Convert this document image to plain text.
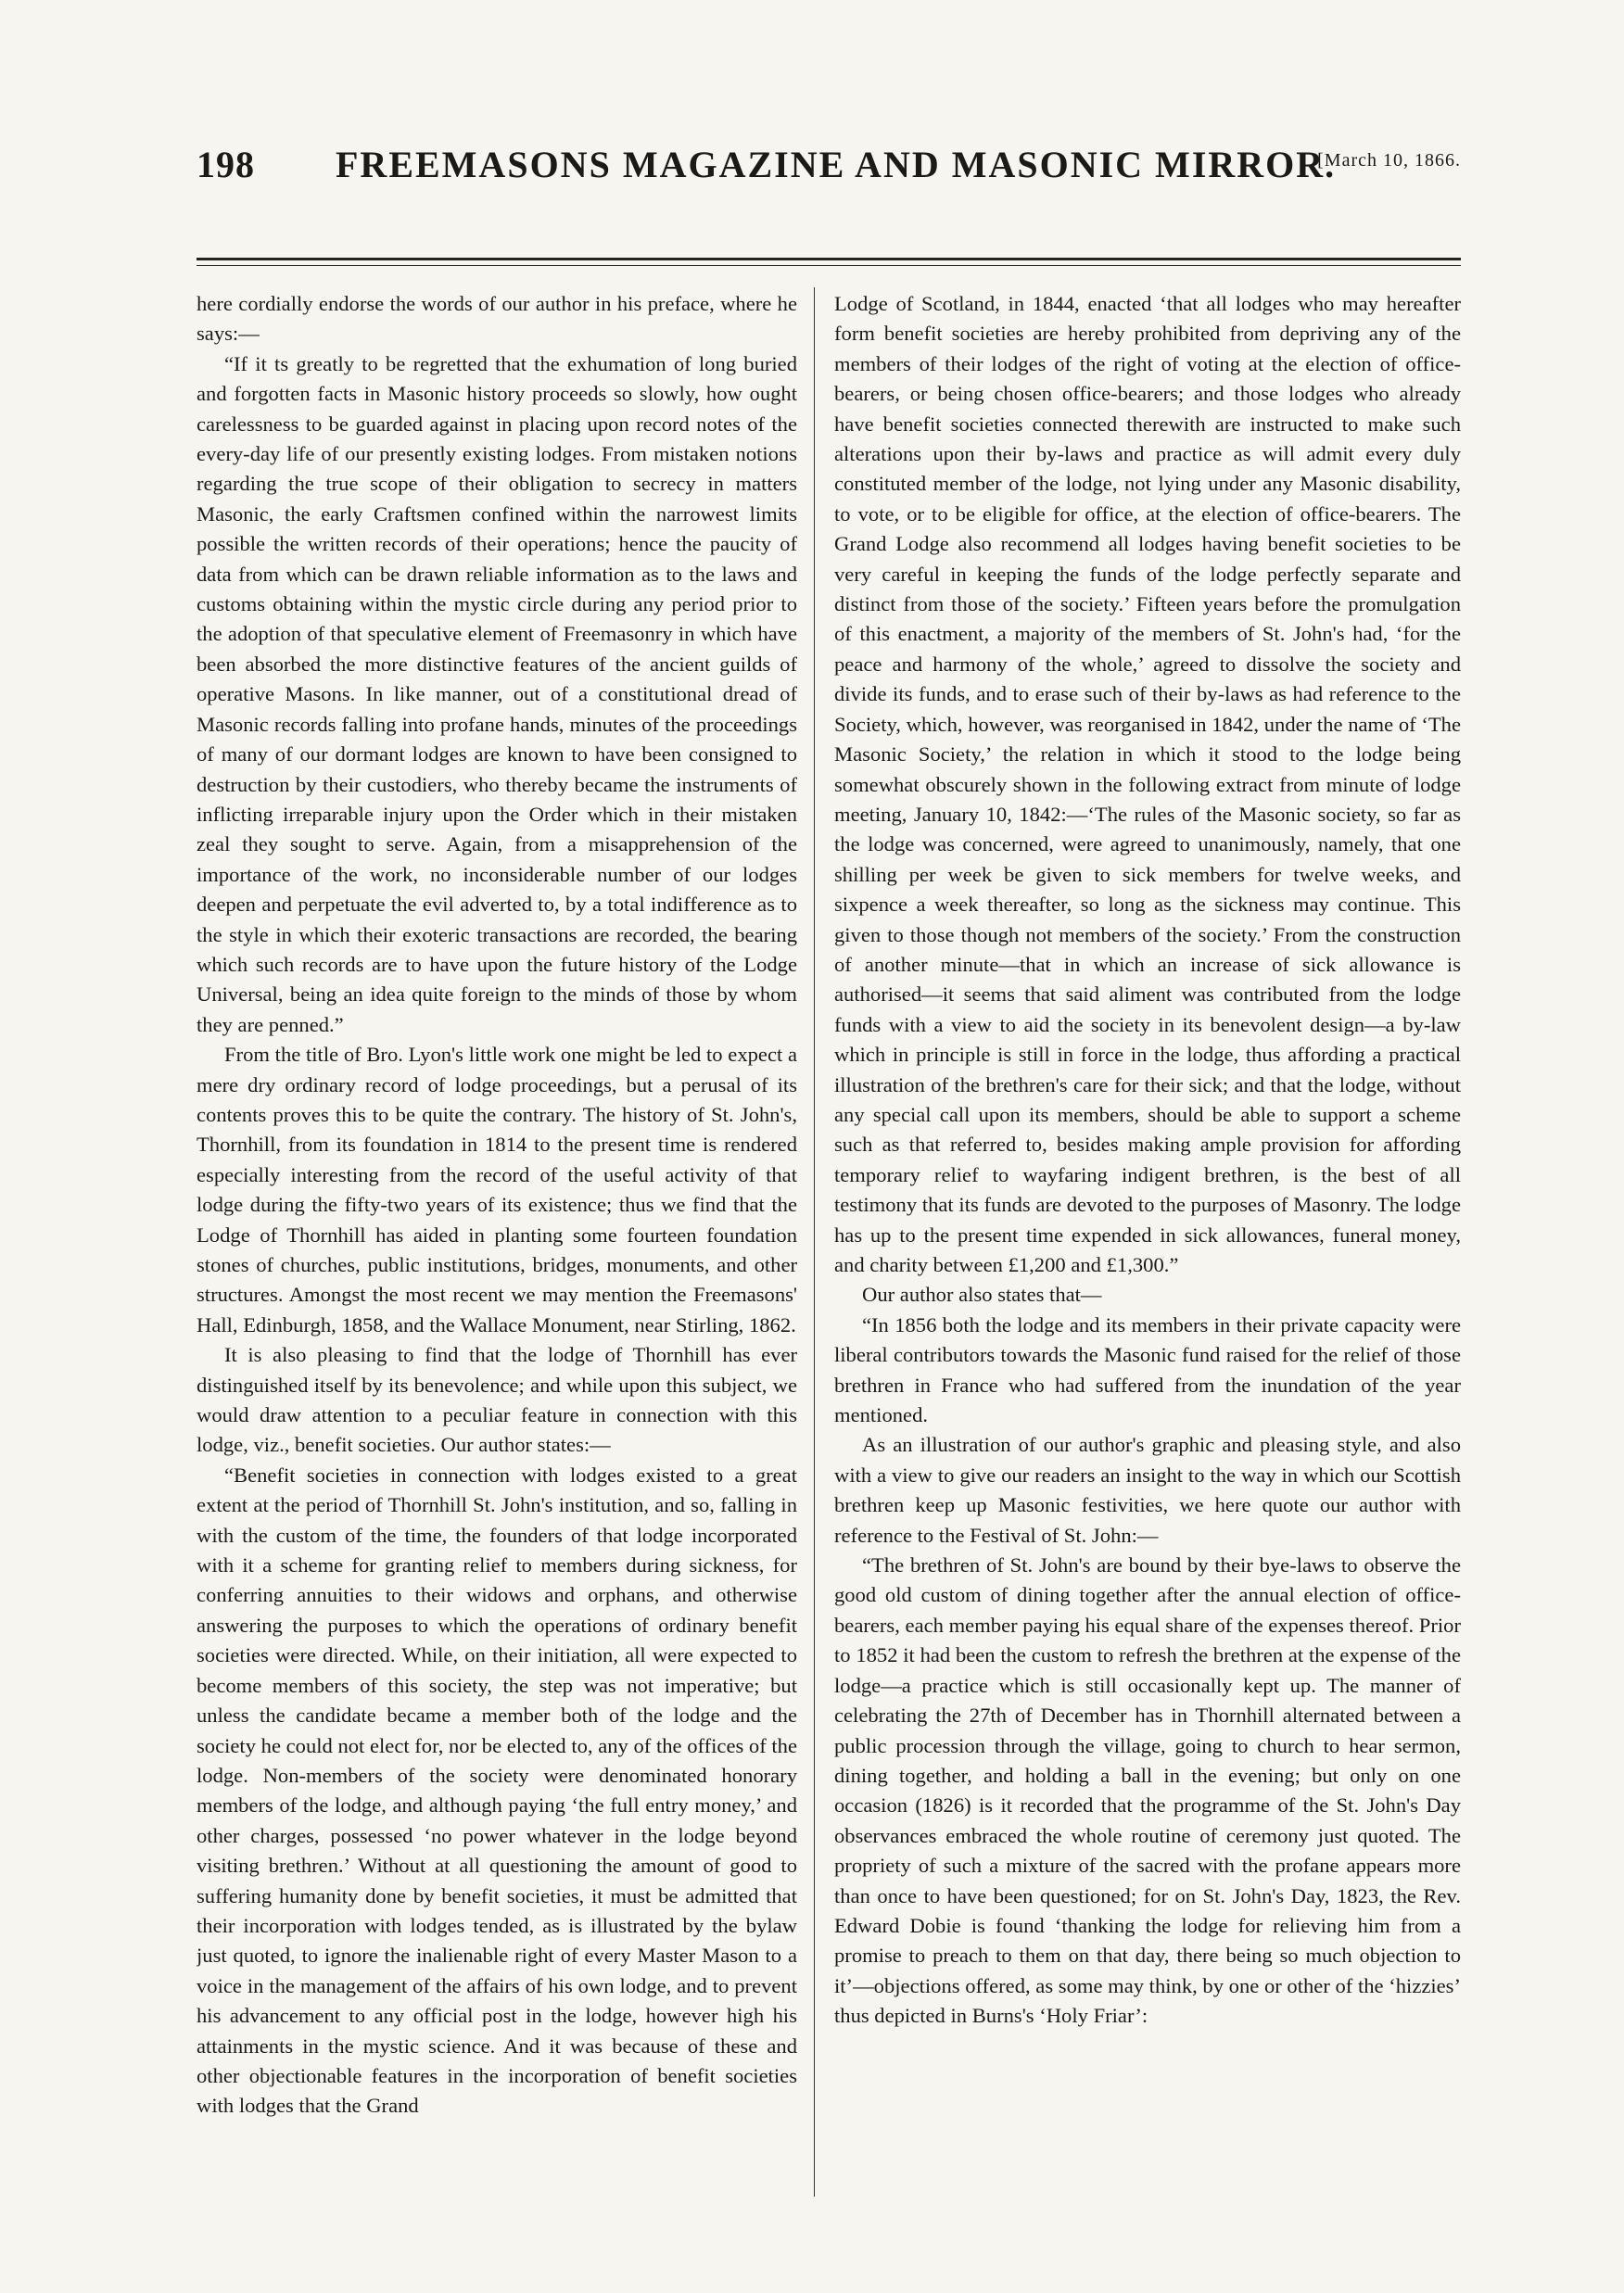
198 FREEMASONS MAGAZINE AND MASONIC MIRROR.
[March 10, 1866.

here cordially endorse the words of our author in his preface, where he says:—

“If it ts greatly to be regretted that the exhumation of long buried and forgotten facts in Masonic history proceeds so slowly, how ought carelessness to be guarded against in placing upon record notes of the every-day life of our presently existing lodges. From mistaken notions regarding the true scope of their obligation to secrecy in matters Masonic, the early Craftsmen confined within the narrowest limits possible the written records of their operations; hence the paucity of data from which can be drawn reliable information as to the laws and customs obtaining within the mystic circle during any period prior to the adoption of that speculative element of Freemasonry in which have been absorbed the more distinctive features of the ancient guilds of operative Masons. In like manner, out of a constitutional dread of Masonic records falling into profane hands, minutes of the proceedings of many of our dormant lodges are known to have been consigned to destruction by their custodiers, who thereby became the instruments of inflicting irreparable injury upon the Order which in their mistaken zeal they sought to serve. Again, from a misapprehension of the importance of the work, no inconsiderable number of our lodges deepen and perpetuate the evil adverted to, by a total indifference as to the style in which their exoteric transactions are recorded, the bearing which such records are to have upon the future history of the Lodge Universal, being an idea quite foreign to the minds of those by whom they are penned.”

From the title of Bro. Lyon's little work one might be led to expect a mere dry ordinary record of lodge proceedings, but a perusal of its contents proves this to be quite the contrary. The history of St. John's, Thornhill, from its foundation in 1814 to the present time is rendered especially interesting from the record of the useful activity of that lodge during the fifty-two years of its existence; thus we find that the Lodge of Thornhill has aided in planting some fourteen foundation stones of churches, public institutions, bridges, monuments, and other structures. Amongst the most recent we may mention the Freemasons' Hall, Edinburgh, 1858, and the Wallace Monument, near Stirling, 1862.

It is also pleasing to find that the lodge of Thornhill has ever distinguished itself by its benevolence; and while upon this subject, we would draw attention to a peculiar feature in connection with this lodge, viz., benefit societies. Our author states:—

“Benefit societies in connection with lodges existed to a great extent at the period of Thornhill St. John's institution, and so, falling in with the custom of the time, the founders of that lodge incorporated with it a scheme for granting relief to members during sickness, for conferring annuities to their widows and orphans, and otherwise answering the purposes to which the operations of ordinary benefit societies were directed. While, on their initiation, all were expected to become members of this society, the step was not imperative; but unless the candidate became a member both of the lodge and the society he could not elect for, nor be elected to, any of the offices of the lodge. Non-members of the society were denominated honorary members of the lodge, and although paying ‘the full entry money,’ and other charges, possessed ‘no power whatever in the lodge beyond visiting brethren.’ Without at all questioning the amount of good to suffering humanity done by benefit societies, it must be admitted that their incorporation with lodges tended, as is illustrated by the bylaw just quoted, to ignore the inalienable right of every Master Mason to a voice in the management of the affairs of his own lodge, and to prevent his advancement to any official post in the lodge, however high his attainments in the mystic science. And it was because of these and other objectionable features in the incorporation of benefit societies with lodges that the Grand

Lodge of Scotland, in 1844, enacted ‘that all lodges who may hereafter form benefit societies are hereby prohibited from depriving any of the members of their lodges of the right of voting at the election of office-bearers, or being chosen office-bearers; and those lodges who already have benefit societies connected therewith are instructed to make such alterations upon their by-laws and practice as will admit every duly constituted member of the lodge, not lying under any Masonic disability, to vote, or to be eligible for office, at the election of office-bearers. The Grand Lodge also recommend all lodges having benefit societies to be very careful in keeping the funds of the lodge perfectly separate and distinct from those of the society.’ Fifteen years before the promulgation of this enactment, a majority of the members of St. John's had, ‘for the peace and harmony of the whole,’ agreed to dissolve the society and divide its funds, and to erase such of their by-laws as had reference to the Society, which, however, was reorganised in 1842, under the name of ‘The Masonic Society,’ the relation in which it stood to the lodge being somewhat obscurely shown in the following extract from minute of lodge meeting, January 10, 1842:—‘The rules of the Masonic society, so far as the lodge was concerned, were agreed to unanimously, namely, that one shilling per week be given to sick members for twelve weeks, and sixpence a week thereafter, so long as the sickness may continue. This given to those though not members of the society.’ From the construction of another minute—that in which an increase of sick allowance is authorised—it seems that said aliment was contributed from the lodge funds with a view to aid the society in its benevolent design—a by-law which in principle is still in force in the lodge, thus affording a practical illustration of the brethren's care for their sick; and that the lodge, without any special call upon its members, should be able to support a scheme such as that referred to, besides making ample provision for affording temporary relief to wayfaring indigent brethren, is the best of all testimony that its funds are devoted to the purposes of Masonry. The lodge has up to the present time expended in sick allowances, funeral money, and charity between £1,200 and £1,300.”

Our author also states that—

“In 1856 both the lodge and its members in their private capacity were liberal contributors towards the Masonic fund raised for the relief of those brethren in France who had suffered from the inundation of the year mentioned.

As an illustration of our author's graphic and pleasing style, and also with a view to give our readers an insight to the way in which our Scottish brethren keep up Masonic festivities, we here quote our author with reference to the Festival of St. John:—

“The brethren of St. John's are bound by their bye-laws to observe the good old custom of dining together after the annual election of office-bearers, each member paying his equal share of the expenses thereof. Prior to 1852 it had been the custom to refresh the brethren at the expense of the lodge—a practice which is still occasionally kept up. The manner of celebrating the 27th of December has in Thornhill alternated between a public procession through the village, going to church to hear sermon, dining together, and holding a ball in the evening; but only on one occasion (1826) is it recorded that the programme of the St. John's Day observances embraced the whole routine of ceremony just quoted. The propriety of such a mixture of the sacred with the profane appears more than once to have been questioned; for on St. John's Day, 1823, the Rev. Edward Dobie is found ‘thanking the lodge for relieving him from a promise to preach to them on that day, there being so much objection to it’—objections offered, as some may think, by one or other of the ‘hizzies’ thus depicted in Burns's ‘Holy Friar’:
